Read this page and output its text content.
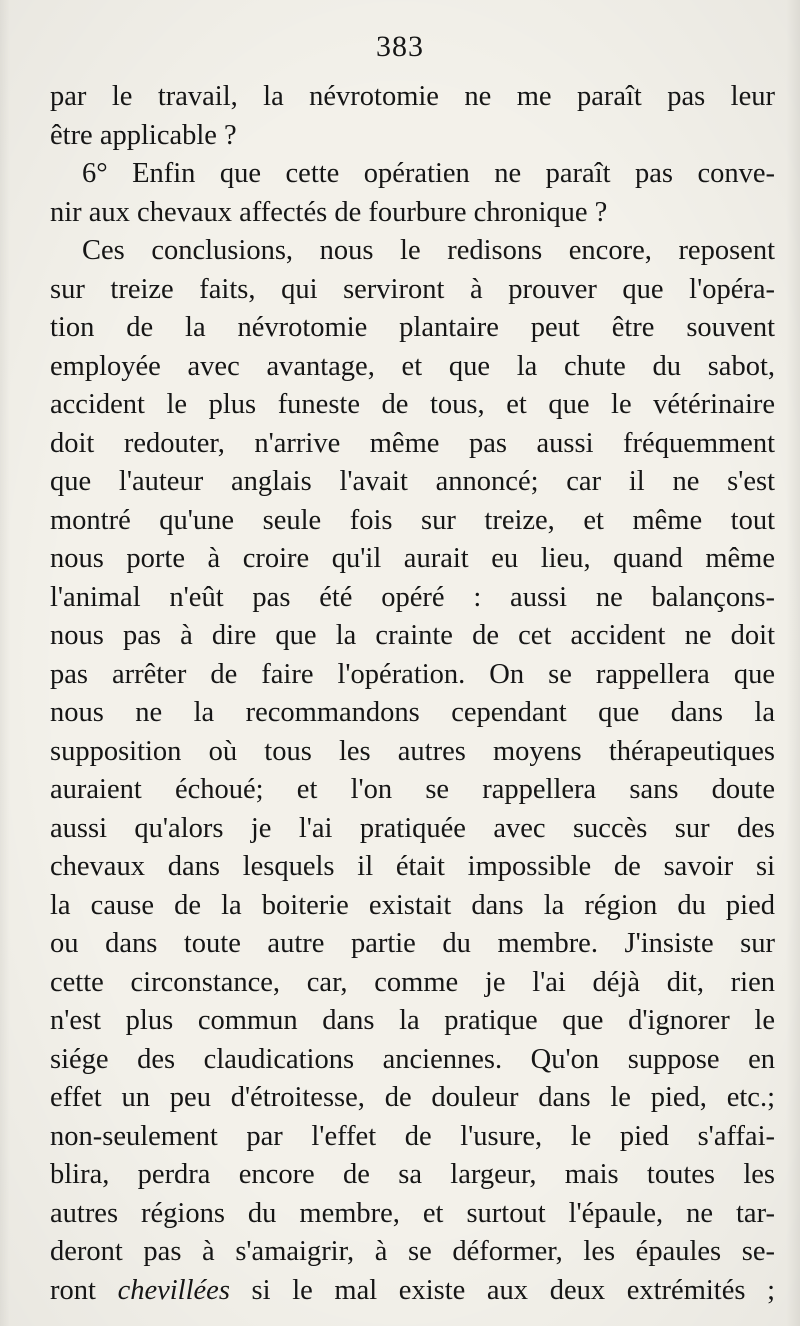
383
par le travail, la névrotomie ne me paraît pas leur
être applicable ?
6° Enfin que cette opératien ne paraît pas conve-
nir aux chevaux affectés de fourbure chronique ?
Ces conclusions, nous le redisons encore, reposent
sur treize faits, qui serviront à prouver que l'opéra-
tion de la névrotomie plantaire peut être souvent
employée avec avantage, et que la chute du sabot,
accident le plus funeste de tous, et que le vétérinaire
doit redouter, n'arrive même pas aussi fréquemment
que l'auteur anglais l'avait annoncé; car il ne s'est
montré qu'une seule fois sur treize, et même tout
nous porte à croire qu'il aurait eu lieu, quand même
l'animal n'eût pas été opéré : aussi ne balançons-
nous pas à dire que la crainte de cet accident ne doit
pas arrêter de faire l'opération. On se rappellera que
nous ne la recommandons cependant que dans la
supposition où tous les autres moyens thérapeutiques
auraient échoué; et l'on se rappellera sans doute
aussi qu'alors je l'ai pratiquée avec succès sur des
chevaux dans lesquels il était impossible de savoir si
la cause de la boiterie existait dans la région du pied
ou dans toute autre partie du membre. J'insiste sur
cette circonstance, car, comme je l'ai déjà dit, rien
n'est plus commun dans la pratique que d'ignorer le
siége des claudications anciennes. Qu'on suppose en
effet un peu d'étroitesse, de douleur dans le pied, etc.;
non-seulement par l'effet de l'usure, le pied s'affai-
blira, perdra encore de sa largeur, mais toutes les
autres régions du membre, et surtout l'épaule, ne tar-
deront pas à s'amaigrir, à se déformer, les épaules se-
ront chevillées si le mal existe aux deux extrémités ;
